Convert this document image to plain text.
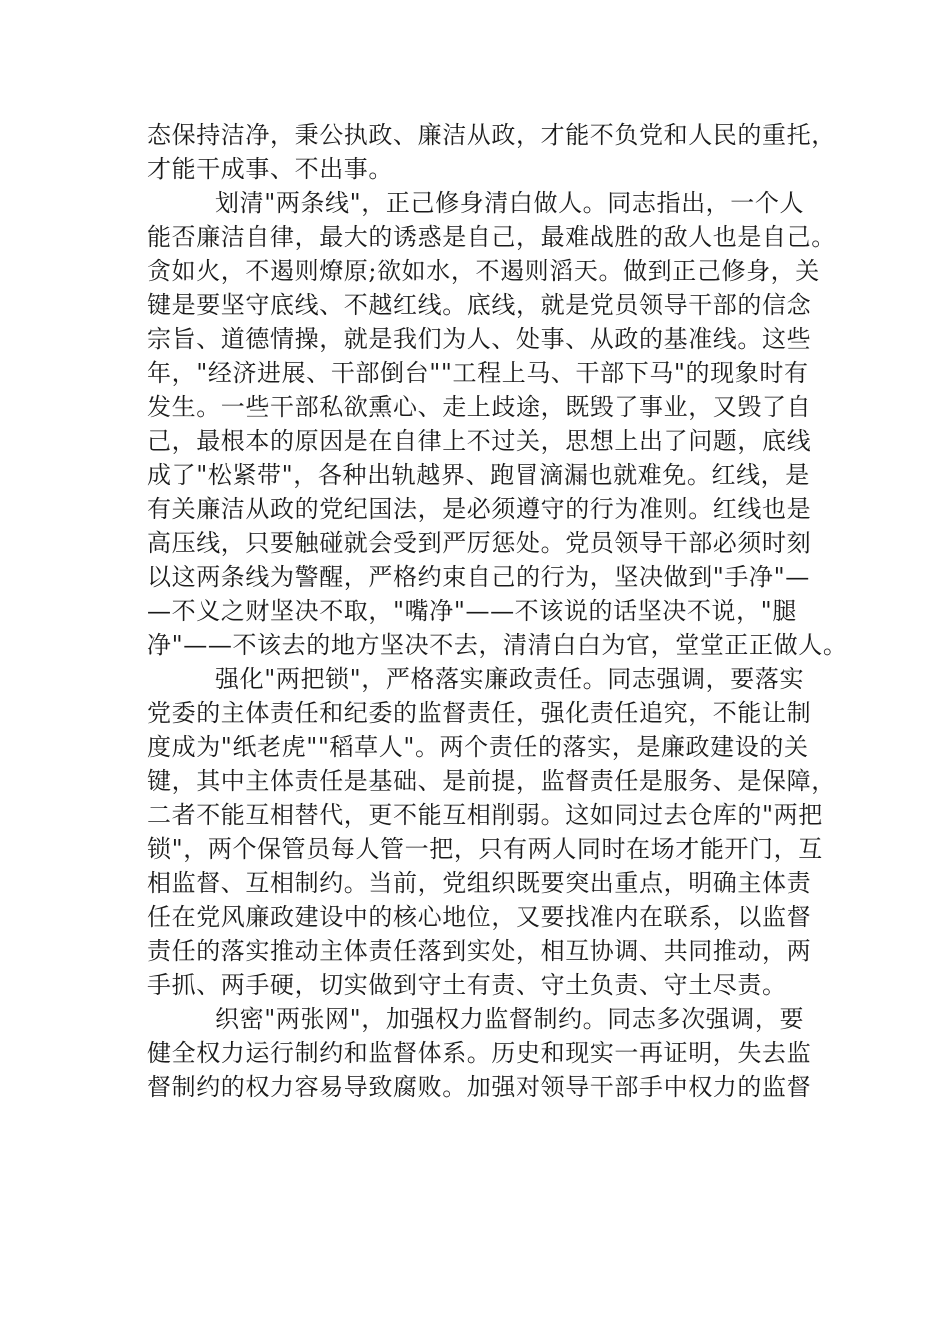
态保持洁净，秉公执政、廉洁从政，才能不负党和人民的重托，
才能干成事、不出事。
划清"两条线"，正己修身清白做人。同志指出，一个人
能否廉洁自律，最大的诱惑是自己，最难战胜的敌人也是自己。
贪如火，不遏则燎原;欲如水，不遏则滔天。做到正己修身，关
键是要坚守底线、不越红线。底线，就是党员领导干部的信念
宗旨、道德情操，就是我们为人、处事、从政的基准线。这些
年，"经济进展、干部倒台""工程上马、干部下马"的现象时有
发生。一些干部私欲熏心、走上歧途，既毁了事业，又毁了自
己，最根本的原因是在自律上不过关，思想上出了问题，底线
成了"松紧带"，各种出轨越界、跑冒滴漏也就难免。红线，是
有关廉洁从政的党纪国法，是必须遵守的行为准则。红线也是
高压线，只要触碰就会受到严厉惩处。党员领导干部必须时刻
以这两条线为警醒，严格约束自己的行为，坚决做到"手净"—
—不义之财坚决不取，"嘴净"——不该说的话坚决不说，"腿
净"——不该去的地方坚决不去，清清白白为官，堂堂正正做人。
强化"两把锁"，严格落实廉政责任。同志强调，要落实
党委的主体责任和纪委的监督责任，强化责任追究，不能让制
度成为"纸老虎""稻草人"。两个责任的落实，是廉政建设的关
键，其中主体责任是基础、是前提，监督责任是服务、是保障，
二者不能互相替代，更不能互相削弱。这如同过去仓库的"两把
锁"，两个保管员每人管一把，只有两人同时在场才能开门，互
相监督、互相制约。当前，党组织既要突出重点，明确主体责
任在党风廉政建设中的核心地位，又要找准内在联系，以监督
责任的落实推动主体责任落到实处，相互协调、共同推动，两
手抓、两手硬，切实做到守土有责、守土负责、守土尽责。
织密"两张网"，加强权力监督制约。同志多次强调，要
健全权力运行制约和监督体系。历史和现实一再证明，失去监
督制约的权力容易导致腐败。加强对领导干部手中权力的监督
